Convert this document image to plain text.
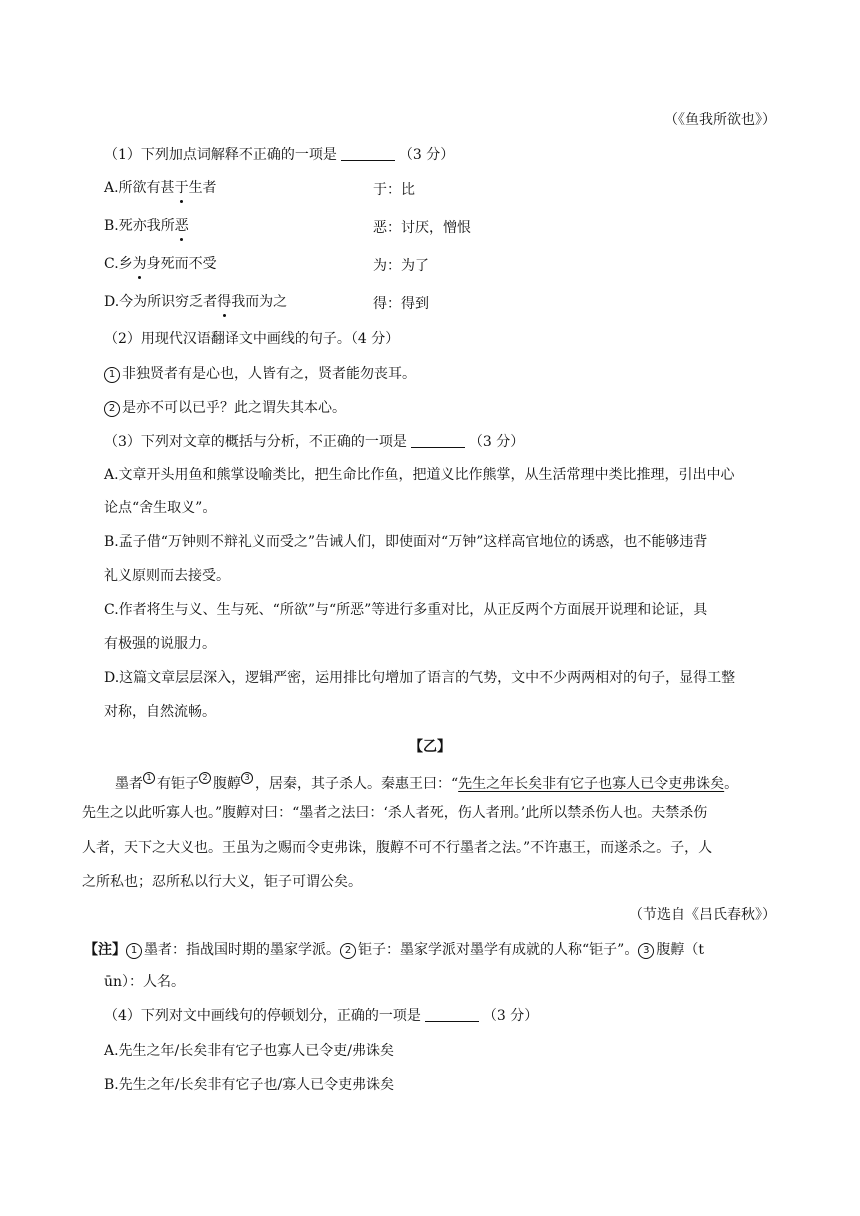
（《鱼我所欲也》）
（1）下列加点词解释不正确的一项是	（3 分）
A.所欲有甚于生者	于：比
B.死亦我所恶	恶：讨厌，憎恨
C.乡为身死而不受	为：为了
D.今为所识穷乏者得我而为之	得：得到
（2）用现代汉语翻译文中画线的句子。（4 分）
1 非独贤者有是心也，人皆有之，贤者能勿丧耳。
2 是亦不可以已乎？此之谓失其本心。
（3）下列对文章的概括与分析，不正确的一项是	（3 分）
A.文章开头用鱼和熊掌设喻类比，把生命比作鱼，把道义比作熊掌，从生活常理中类比推理，引出中心
论点“舍生取义”。
B.孟子借“万钟则不辩礼义而受之”告诫人们，即使面对“万钟”这样高官地位的诱惑，也不能够违背
礼义原则而去接受。
C.作者将生与义、生与死、“所欲”与“所恶”等进行多重对比，从正反两个方面展开说理和论证，具
有极强的说服力。
D.这篇文章层层深入，逻辑严密，运用排比句增加了语言的气势，文中不少两两相对的句子，显得工整
对称，自然流畅。
【乙】
墨者 $^1$ 有钜子 $^2$ 腹䵍 $^3$ ，居秦，其子杀人。秦惠王曰：“先生之年长矣非有它子也寡人已令吏弗诛矣。
先生之以此听寡人也。”腹䵍对曰：“墨者之法曰：‘杀人者死，伤人者刑。’此所以禁杀伤人也。夫禁杀伤
人者，天下之大义也。王虽为之赐而令吏弗诛，腹䵍不可不行墨者之法。”不许惠王，而遂杀之。子，人
之所私也；忍所私以行大义，钜子可谓公矣。
（节选自《吕氏春秋》）
【注】 1 墨者：指战国时期的墨家学派。 2 钜子：墨家学派对墨学有成就的人称“钜子”。 3 腹䵍（t
ūn）：人名。
（4）下列对文中画线句的停顿划分，正确的一项是	（3 分）
A.先生之年/长矣非有它子也寡人已令吏/弗诛矣
B.先生之年/长矣非有它子也/寡人已令吏弗诛矣
